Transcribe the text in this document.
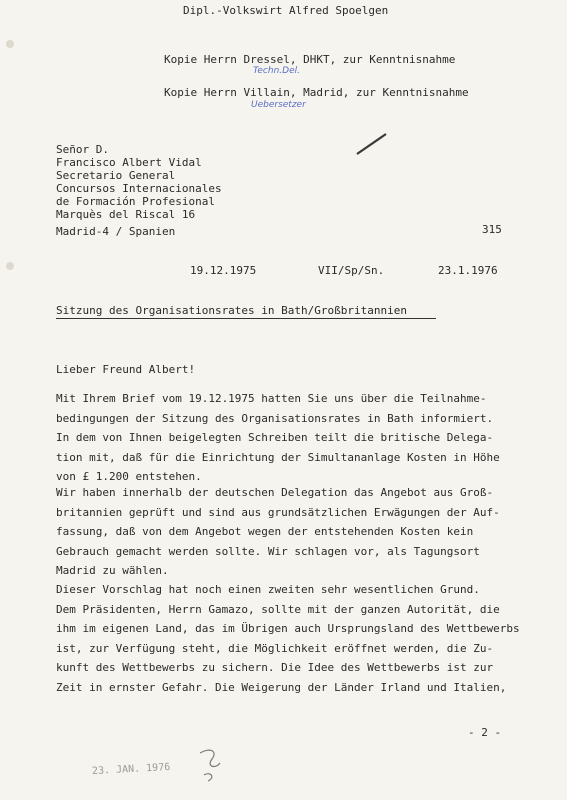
Dipl.-Volkswirt Alfred Spoelgen
Kopie Herrn Dressel, DHKT, zur Kenntnisnahme
Techn.Del.
Kopie Herrn Villain, Madrid, zur Kenntnisnahme
Uebersetzer
Señor D.
Francisco Albert Vidal
Secretario General
Concursos Internacionales
de Formación Profesional
Marquès del Riscal 16
Madrid-4 / Spanien	315
19.12.1975	VII/Sp/Sn.	23.1.1976
Sitzung des Organisationsrates in Bath/Großbritannien
Lieber Freund Albert!
Mit Ihrem Brief vom 19.12.1975 hatten Sie uns über die Teilnahme-
bedingungen der Sitzung des Organisationsrates in Bath informiert.
In dem von Ihnen beigelegten Schreiben teilt die britische Delega-
tion mit, daß für die Einrichtung der Simultananlage Kosten in Höhe
von £ 1.200 entstehen.
Wir haben innerhalb der deutschen Delegation das Angebot aus Groß-
britannien geprüft und sind aus grundsätzlichen Erwägungen der Auf-
fassung, daß von dem Angebot wegen der entstehenden Kosten kein
Gebrauch gemacht werden sollte. Wir schlagen vor, als Tagungsort
Madrid zu wählen.
Dieser Vorschlag hat noch einen zweiten sehr wesentlichen Grund.
Dem Präsidenten, Herrn Gamazo, sollte mit der ganzen Autorität, die
ihm im eigenen Land, das im Übrigen auch Ursprungsland des Wettbewerbs
ist, zur Verfügung steht, die Möglichkeit eröffnet werden, die Zu-
kunft des Wettbewerbs zu sichern. Die Idee des Wettbewerbs ist zur
Zeit in ernster Gefahr. Die Weigerung der Länder Irland und Italien,
- 2 -
23. JAN. 1976
